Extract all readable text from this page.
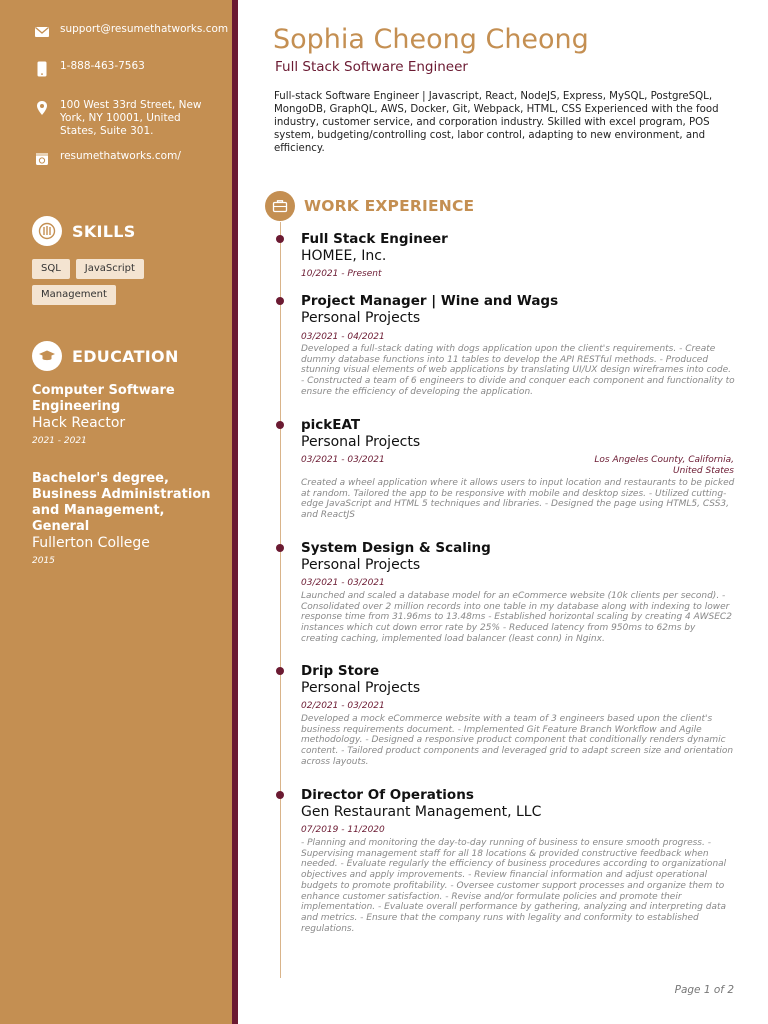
support@resumethatworks.com
1-888-463-7563
100 West 33rd Street, New York, NY 10001, United States, Suite 301.
resumethatworks.com/
SKILLS
SQL	JavaScript
Management
EDUCATION
Computer Software Engineering
Hack Reactor
2021 - 2021
Bachelor's degree, Business Administration and Management, General
Fullerton College
2015
Sophia Cheong Cheong
Full Stack Software Engineer
Full-stack Software Engineer | Javascript, React, NodeJS, Express, MySQL, PostgreSQL, MongoDB, GraphQL, AWS, Docker, Git, Webpack, HTML, CSS Experienced with the food industry, customer service, and corporation industry. Skilled with excel program, POS system, budgeting/controlling cost, labor control, adapting to new environment, and efficiency.
WORK EXPERIENCE
Full Stack Engineer
HOMEE, Inc.
10/2021 - Present
Project Manager | Wine and Wags
Personal Projects
03/2021 - 04/2021
Developed a full-stack dating with dogs application upon the client's requirements. - Create dummy database functions into 11 tables to develop the API RESTful methods. - Produced stunning visual elements of web applications by translating UI/UX design wireframes into code. - Constructed a team of 6 engineers to divide and conquer each component and functionality to ensure the efficiency of developing the application.
pickEAT
Personal Projects
03/2021 - 03/2021	Los Angeles County, California, United States
Created a wheel application where it allows users to input location and restaurants to be picked at random. Tailored the app to be responsive with mobile and desktop sizes. - Utilized cutting-edge JavaScript and HTML 5 techniques and libraries. - Designed the page using HTML5, CSS3, and ReactJS
System Design & Scaling
Personal Projects
03/2021 - 03/2021
Launched and scaled a database model for an eCommerce website (10k clients per second). - Consolidated over 2 million records into one table in my database along with indexing to lower response time from 31.96ms to 13.48ms - Established horizontal scaling by creating 4 AWSEC2 instances which cut down error rate by 25% - Reduced latency from 950ms to 62ms by creating caching, implemented load balancer (least conn) in Nginx.
Drip Store
Personal Projects
02/2021 - 03/2021
Developed a mock eCommerce website with a team of 3 engineers based upon the client's business requirements document. - Implemented Git Feature Branch Workflow and Agile methodology. - Designed a responsive product component that conditionally renders dynamic content. - Tailored product components and leveraged grid to adapt screen size and orientation across layouts.
Director Of Operations
Gen Restaurant Management, LLC
07/2019 - 11/2020
- Planning and monitoring the day-to-day running of business to ensure smooth progress. - Supervising management staff for all 18 locations & provided constructive feedback when needed. - Evaluate regularly the efficiency of business procedures according to organizational objectives and apply improvements. - Review financial information and adjust operational budgets to promote profitability. - Oversee customer support processes and organize them to enhance customer satisfaction. - Revise and/or formulate policies and promote their implementation. - Evaluate overall performance by gathering, analyzing and interpreting data and metrics. - Ensure that the company runs with legality and conformity to established regulations.
Page 1 of 2
